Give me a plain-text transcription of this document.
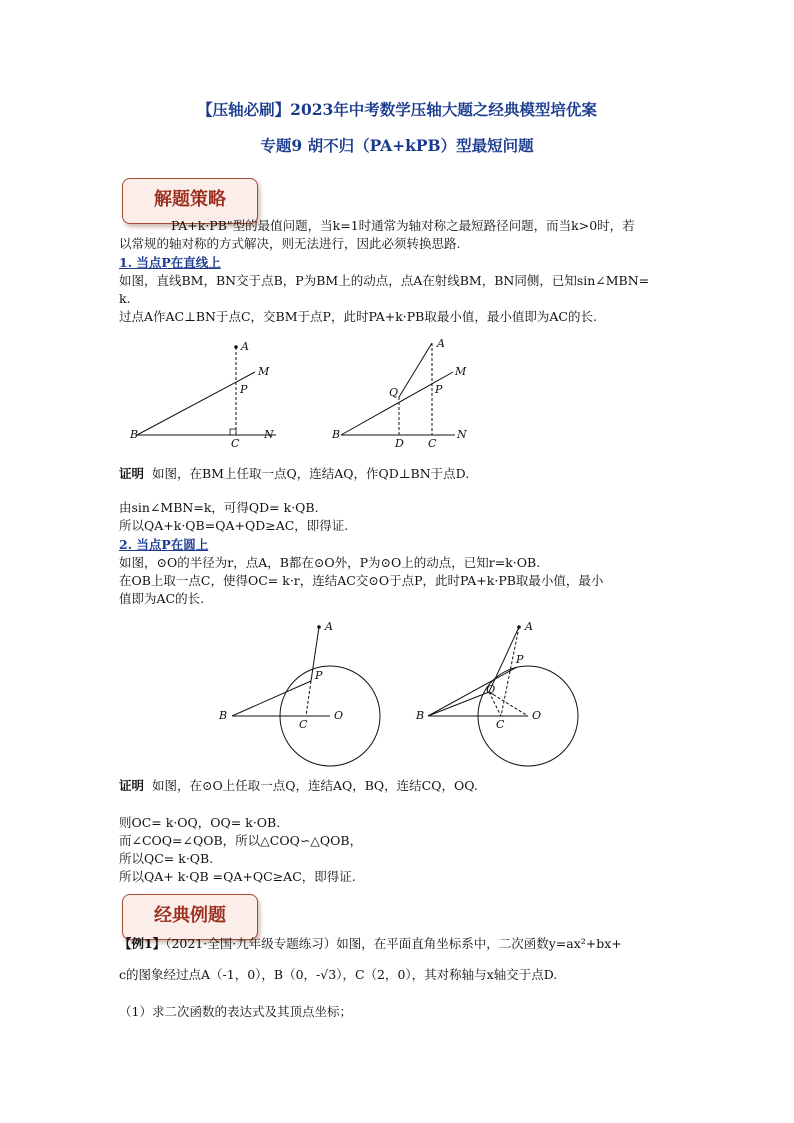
【压轴必刷】2023年中考数学压轴大题之经典模型培优案
专题9 胡不归（PA+kPB）型最短问题
解题策略
PA+k·PB"型的最值问题，当k=1时通常为轴对称之最短路径问题，而当k>0时，若
以常规的轴对称的方式解决，则无法进行，因此必须转换思路.
1. 当点P在直线上
如图，直线BM，BN交于点B，P为BM上的动点，点A在射线BM，BN同侧，已知sin∠MBN=
k.
过点A作AC⊥BN于点C，交BM于点P，此时PA+k·PB取最小值，最小值即为AC的长.
B
A
M
P
C
N	B
A
M
P
Q
D C
N
证明 如图，在BM上任取一点Q，连结AQ，作QD⊥BN于点D.
由sin∠MBN=k，可得QD= k·QB.
所以QA+k·QB=QA+QD≥AC，即得证.
2. 当点P在圆上
如图，⊙O的半径为r，点A，B都在⊙O外，P为⊙O上的动点，已知r=k·OB.
在OB上取一点C，使得OC= k·r，连结AC交⊙O于点P，此时PA+k·PB取最小值，最小
值即为AC的长.
B
A
P
C
O	B
A
P
Q
C
O
证明 如图，在⊙O上任取一点Q，连结AQ，BQ，连结CQ，OQ.
则OC= k·OQ，OQ= k·OB.
而∠COQ=∠QOB，所以△COQ∽△QOB，
所以QC= k·QB.
所以QA+ k·QB =QA+QC≥AC，即得证.
经典例题
【例1】（2021·全国·九年级专题练习）如图，在平面直角坐标系中，二次函数y=ax²+bx+
c的图象经过点A（-1，0），B（0，-√3），C（2，0），其对称轴与x轴交于点D.
（1）求二次函数的表达式及其顶点坐标；
